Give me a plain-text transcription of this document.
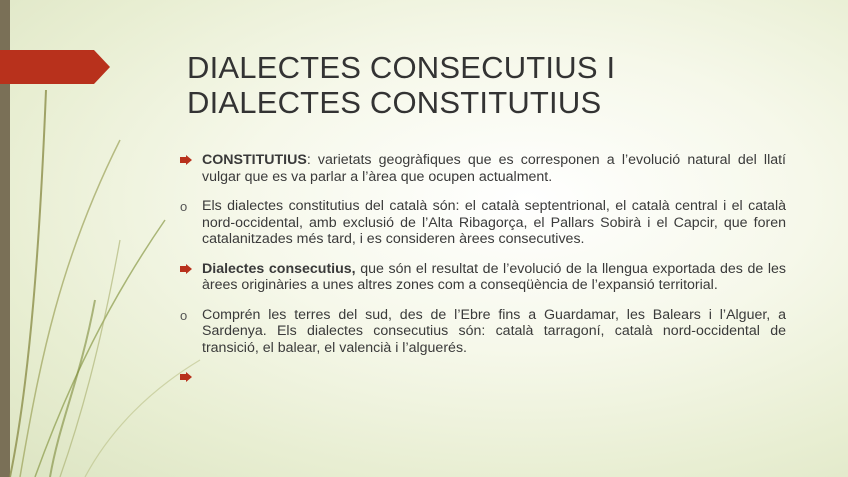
DIALECTES CONSECUTIUS I
DIALECTES CONSTITUTIUS
CONSTITUTIUS: varietats geogràfiques que es corresponen a l’evolució natural del llatí vulgar que es va parlar a l’àrea que ocupen actualment.
o Els dialectes constitutius del català són: el català septentrional, el català central i el català nord-occidental, amb exclusió de l’Alta Ribagorça, el Pallars Sobirà i el Capcir, que foren catalanitzades més tard, i es consideren àrees consecutives.
Dialectes consecutius, que són el resultat de l’evolució de la llengua exportada des de les àrees originàries a unes altres zones com a conseqüència de l’expansió territorial.
o Comprén les terres del sud, des de l’Ebre fins a Guardamar, les Balears i l’Alguer, a Sardenya. Els dialectes consecutius són: català tarragoní, català nord-occidental de transició, el balear, el valencià i l’alguerés.
